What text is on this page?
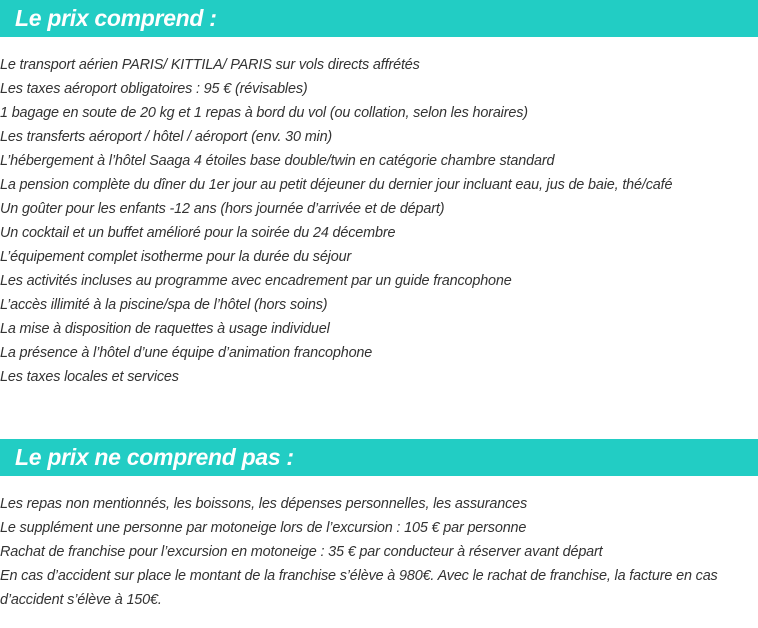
Le prix comprend :
Le transport aérien PARIS/ KITTILA/ PARIS sur vols directs affrétés
Les taxes aéroport obligatoires : 95 € (révisables)
1 bagage en soute de 20 kg et 1 repas à bord du vol (ou collation, selon les horaires)
Les transferts aéroport / hôtel / aéroport (env. 30 min)
L’hébergement à l’hôtel Saaga 4 étoiles base double/twin en catégorie chambre standard
La pension complète du dîner du 1er jour au petit déjeuner du dernier jour incluant eau, jus de baie, thé/café
Un goûter pour les enfants -12 ans (hors journée d’arrivée et de départ)
Un cocktail et un buffet amélioré pour la soirée du 24 décembre
L’équipement complet isotherme pour la durée du séjour
Les activités incluses au programme avec encadrement par un guide francophone
L’accès illimité à la piscine/spa de l’hôtel (hors soins)
La mise à disposition de raquettes à usage individuel
La présence à l’hôtel d’une équipe d’animation francophone
Les taxes locales et services
Le prix ne comprend pas :
Les repas non mentionnés, les boissons, les dépenses personnelles, les assurances
Le supplément une personne par motoneige lors de l’excursion : 105 € par personne
Rachat de franchise pour l’excursion en motoneige : 35 € par conducteur à réserver avant départ
En cas d’accident sur place le montant de la franchise s’élève à 980€. Avec le rachat de franchise, la facture en cas d’accident s’élève à 150€.
